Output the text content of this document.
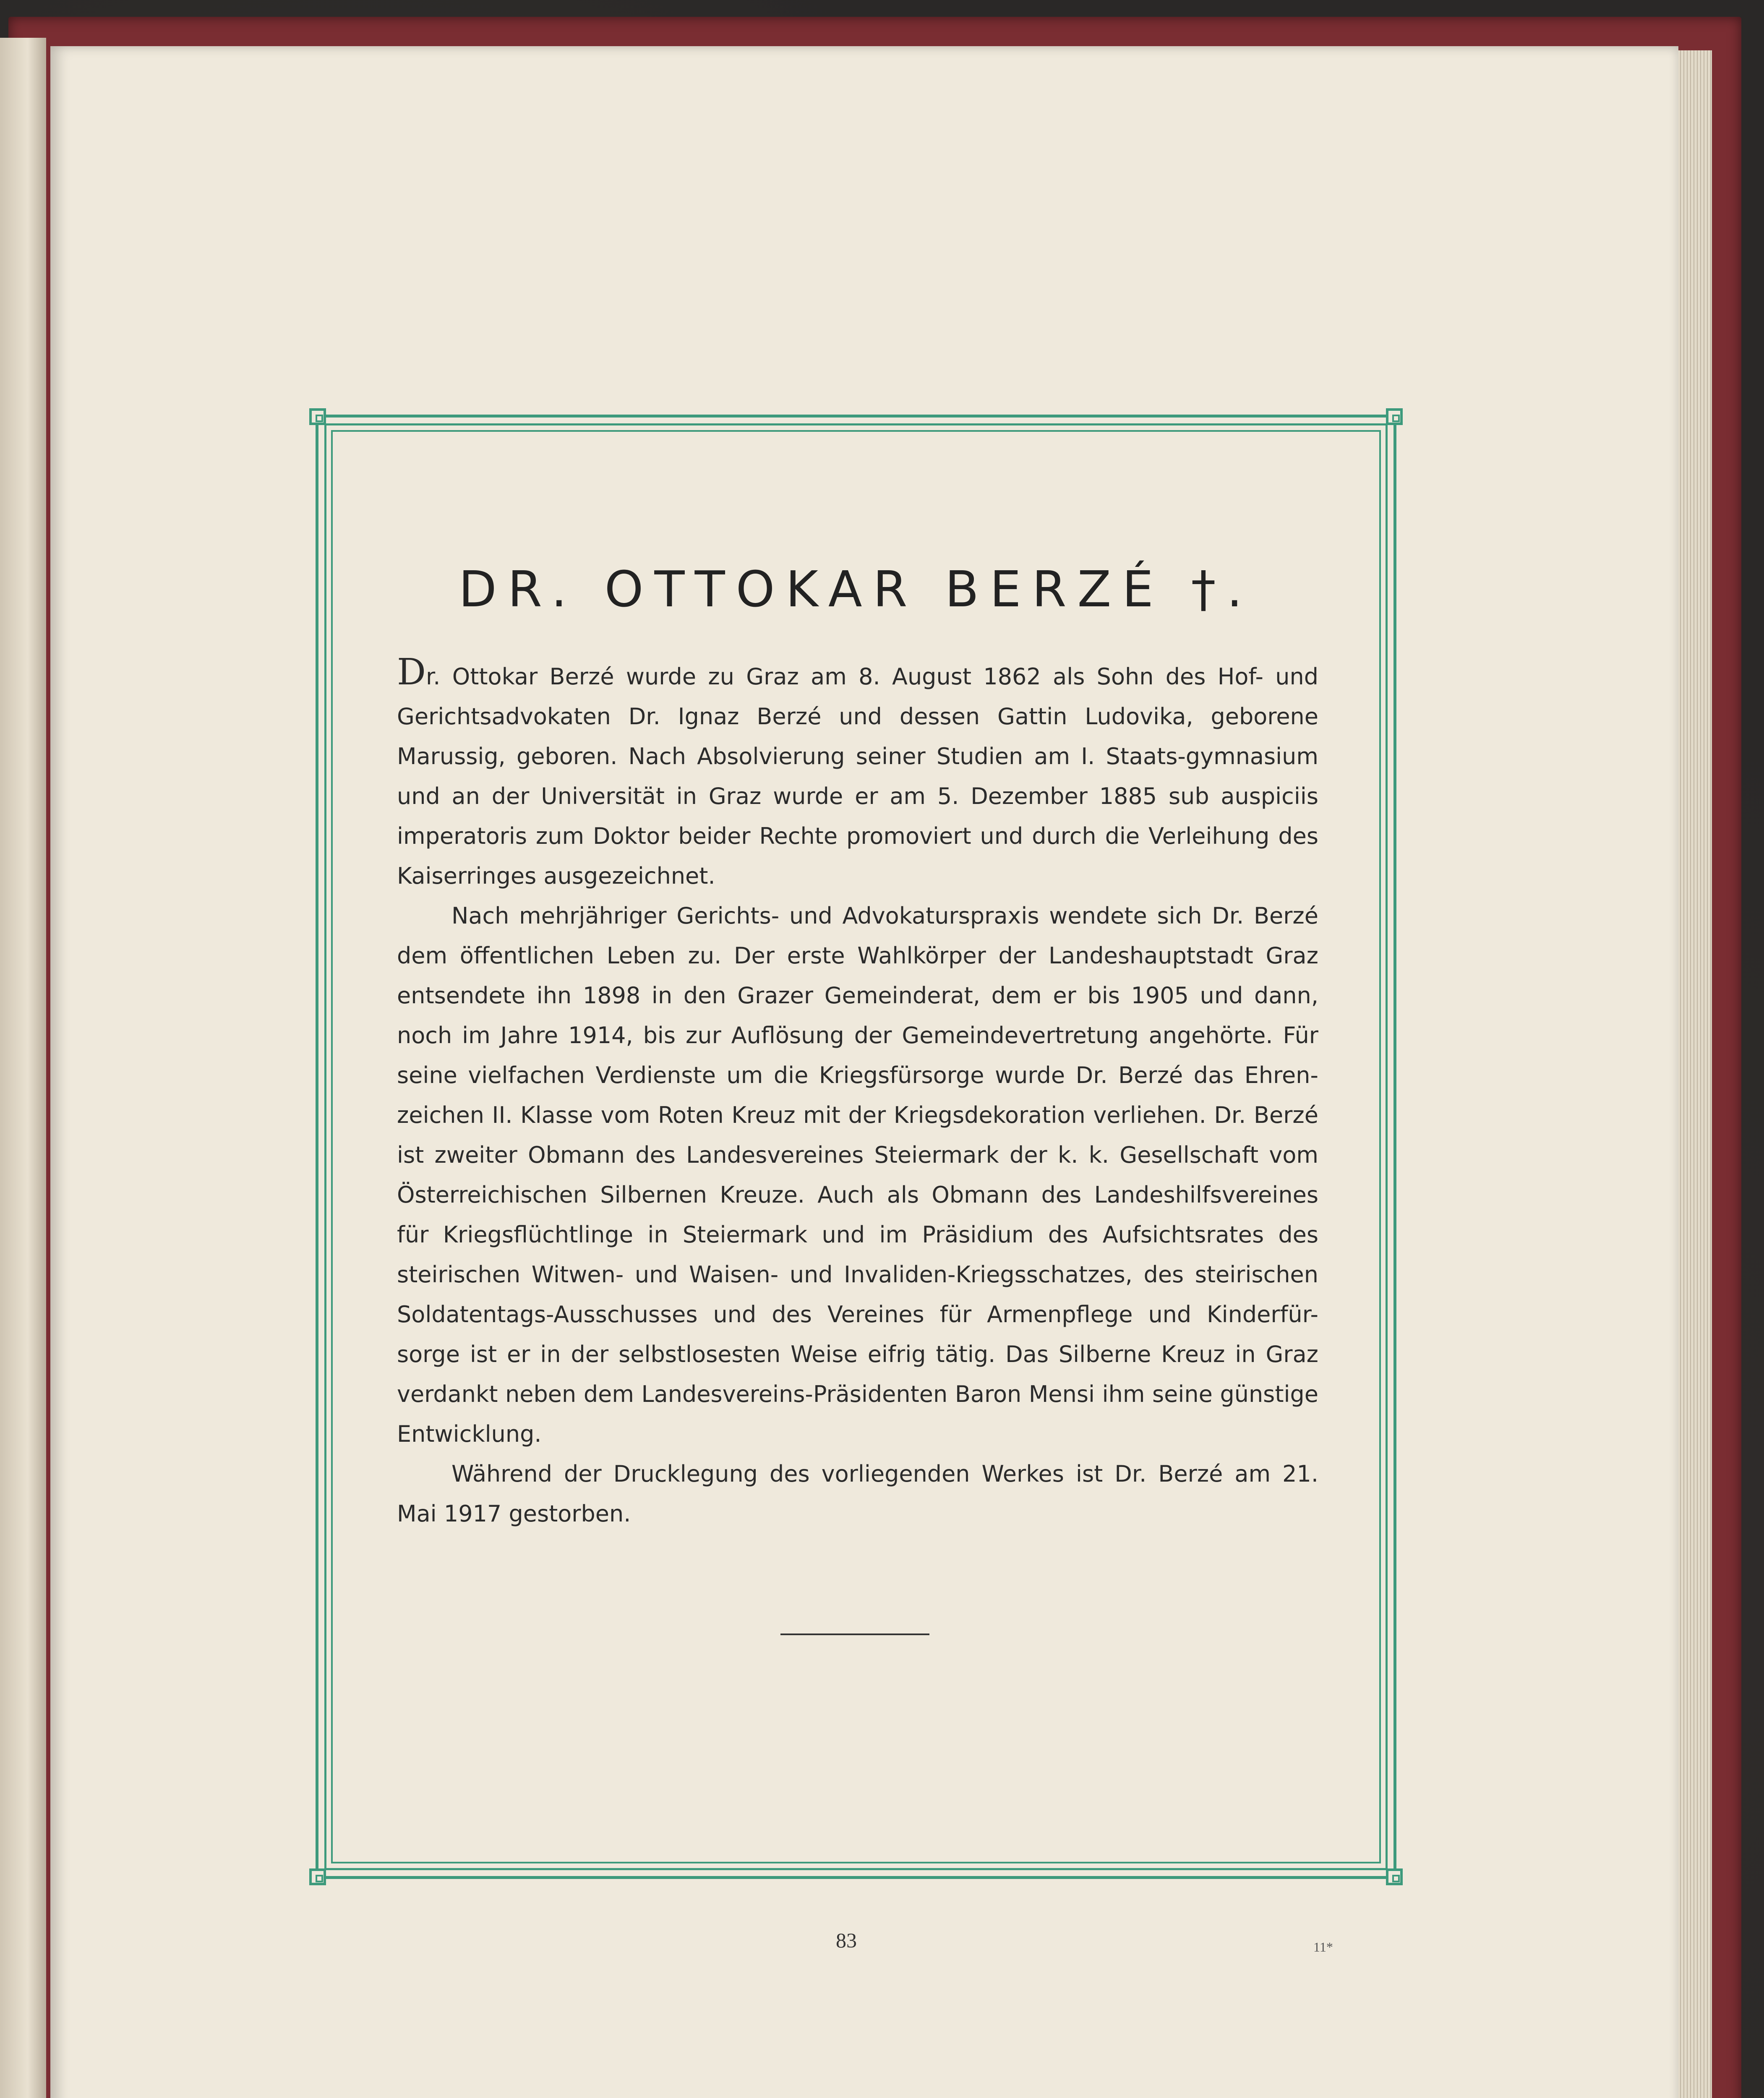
DR. OTTOKAR BERZÉ †.

Dr. Ottokar Berzé wurde zu Graz am 8. August 1862 als Sohn des Hof- und Gerichtsadvokaten Dr. Ignaz Berzé und dessen Gattin Ludovika, geborene Marussig, geboren. Nach Absolvierung seiner Studien am I. Staats-gymnasium und an der Universität in Graz wurde er am 5. Dezember 1885 sub auspiciis imperatoris zum Doktor beider Rechte promoviert und durch die Verleihung des Kaiserringes ausgezeichnet.

Nach mehrjähriger Gerichts- und Advokaturspraxis wendete sich Dr. Berzé dem öffentlichen Leben zu. Der erste Wahlkörper der Landeshauptstadt Graz entsendete ihn 1898 in den Grazer Gemeinderat, dem er bis 1905 und dann, noch im Jahre 1914, bis zur Auflösung der Gemeindevertretung angehörte. Für seine vielfachen Verdienste um die Kriegsfürsorge wurde Dr. Berzé das Ehren-zeichen II. Klasse vom Roten Kreuz mit der Kriegsdekoration verliehen. Dr. Berzé ist zweiter Obmann des Landesvereines Steiermark der k. k. Gesellschaft vom Österreichischen Silbernen Kreuze. Auch als Obmann des Landeshilfsvereines für Kriegsflüchtlinge in Steiermark und im Präsidium des Aufsichtsrates des steirischen Witwen- und Waisen- und Invaliden-Kriegsschatzes, des steirischen Soldatentags-Ausschusses und des Vereines für Armenpflege und Kinderfür-sorge ist er in der selbstlosesten Weise eifrig tätig. Das Silberne Kreuz in Graz verdankt neben dem Landesvereins-Präsidenten Baron Mensi ihm seine günstige Entwicklung.

Während der Drucklegung des vorliegenden Werkes ist Dr. Berzé am 21. Mai 1917 gestorben.

83	11*
